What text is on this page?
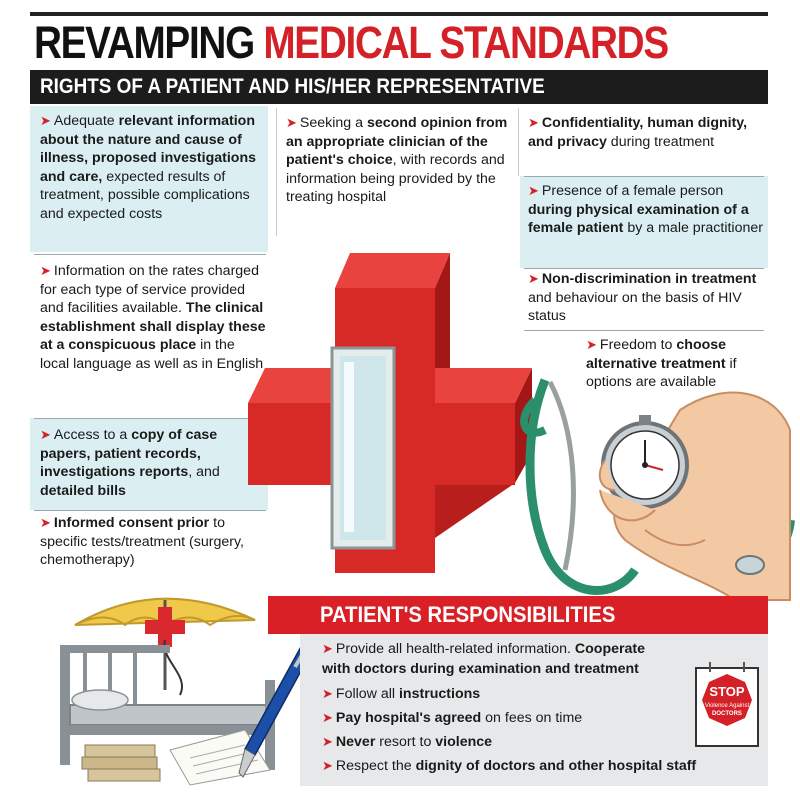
REVAMPING MEDICAL STANDARDS
RIGHTS OF A PATIENT AND HIS/HER REPRESENTATIVE
➤ Adequate relevant information about the nature and cause of illness, proposed investigations and care, expected results of treatment, possible complications and expected costs
➤ Information on the rates charged for each type of service provided and facilities available. The clinical establishment shall display these at a conspicuous place in the local language as well as in English
➤ Access to a copy of case papers, patient records, investigations reports, and detailed bills
➤ Informed consent prior to specific tests/treatment (surgery, chemotherapy)
➤ Seeking a second opinion from an appropriate clinician of the patient's choice, with records and information being provided by the treating hospital
➤ Confidentiality, human dignity, and privacy during treatment
➤ Presence of a female person during physical examination of a female patient by a male practitioner
➤ Non-discrimination in treatment and behaviour on the basis of HIV status
➤ Freedom to choose alternative treatment if options are available
PATIENT'S RESPONSIBILITIES
➤ Provide all health-related information. Cooperate
with doctors during examination and treatment
➤ Follow all instructions
➤ Pay hospital's agreed on fees on time
➤ Never resort to violence
➤ Respect the dignity of doctors and other hospital staff
STOP
Violence Against
DOCTORS
